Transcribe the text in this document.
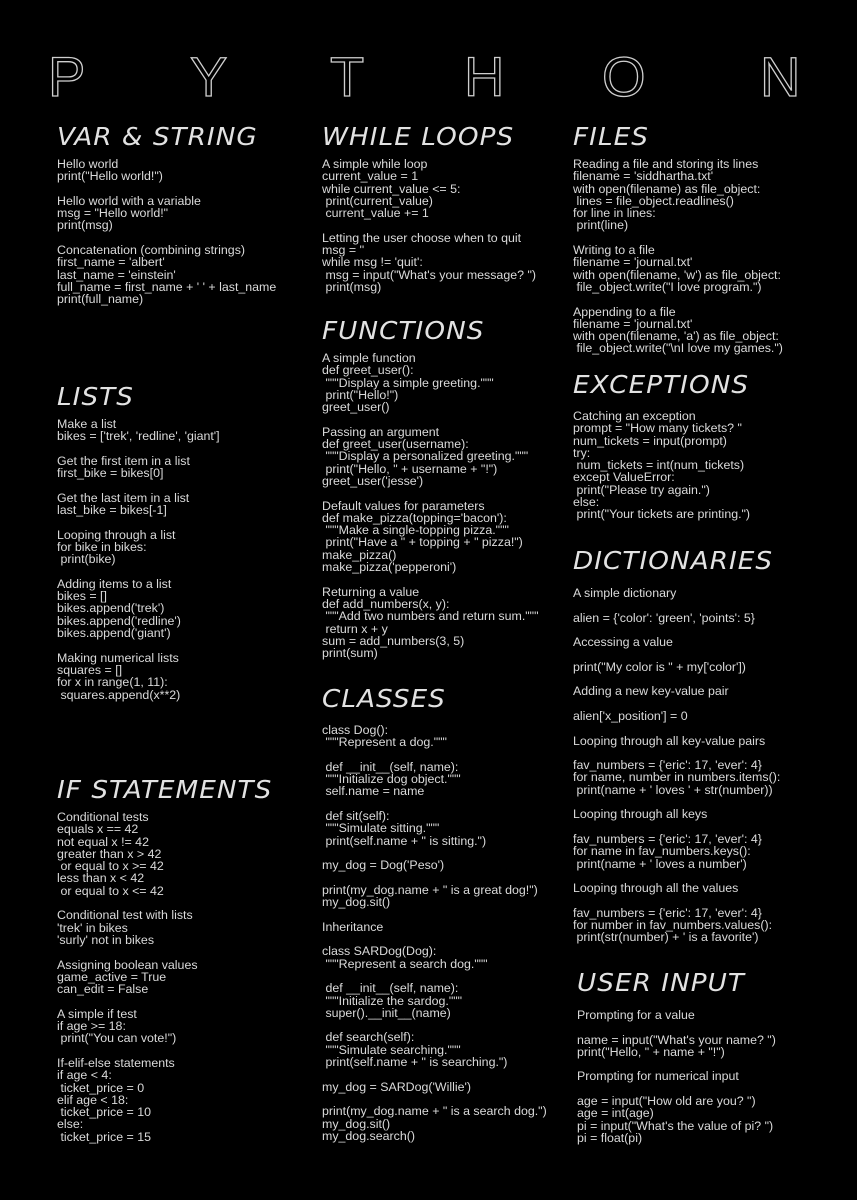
P Y T H O N
VAR & STRING
Hello world
print("Hello world!")
Hello world with a variable
msg = "Hello world!"
print(msg)
Concatenation (combining strings)
first_name = 'albert'
last_name = 'einstein'
full_name = first_name + ' ' + last_name
print(full_name)
LISTS
Make a list
bikes = ['trek', 'redline', 'giant']
Get the first item in a list
first_bike = bikes[0]
Get the last item in a list
last_bike = bikes[-1]
Looping through a list
for bike in bikes:
print(bike)
Adding items to a list
bikes = []
bikes.append('trek')
bikes.append('redline')
bikes.append('giant')
Making numerical lists
squares = []
for x in range(1, 11):
squares.append(x**2)
IF STATEMENTS
Conditional tests
equals x == 42
not equal x != 42
greater than x > 42
or equal to x >= 42
less than x < 42
or equal to x <= 42
Conditional test with lists
'trek' in bikes
'surly' not in bikes
Assigning boolean values
game_active = True
can_edit = False
A simple if test
if age >= 18:
print("You can vote!")
If-elif-else statements
if age < 4:
ticket_price = 0
elif age < 18:
ticket_price = 10
else:
ticket_price = 15
WHILE LOOPS
A simple while loop
current_value = 1
while current_value <= 5:
print(current_value)
current_value += 1
Letting the user choose when to quit
msg = ''
while msg != 'quit':
msg = input("What's your message? ")
print(msg)
FUNCTIONS
A simple function
def greet_user():
"""Display a simple greeting."""
print("Hello!")
greet_user()
Passing an argument
def greet_user(username):
"""Display a personalized greeting."""
print("Hello, " + username + "!")
greet_user('jesse')
Default values for parameters
def make_pizza(topping='bacon'):
"""Make a single-topping pizza."""
print("Have a " + topping + " pizza!")
make_pizza()
make_pizza('pepperoni')
Returning a value
def add_numbers(x, y):
"""Add two numbers and return sum."""
return x + y
sum = add_numbers(3, 5)
print(sum)
CLASSES
class Dog():
"""Represent a dog."""
def __init__(self, name):
"""Initialize dog object."""
self.name = name
def sit(self):
"""Simulate sitting."""
print(self.name + " is sitting.")
my_dog = Dog('Peso')
print(my_dog.name + " is a great dog!")
my_dog.sit()
Inheritance
class SARDog(Dog):
"""Represent a search dog."""
def __init__(self, name):
"""Initialize the sardog."""
super().__init__(name)
def search(self):
"""Simulate searching."""
print(self.name + " is searching.")
my_dog = SARDog('Willie')
print(my_dog.name + " is a search dog.")
my_dog.sit()
my_dog.search()
FILES
Reading a file and storing its lines
filename = 'siddhartha.txt'
with open(filename) as file_object:
lines = file_object.readlines()
for line in lines:
print(line)
Writing to a file
filename = 'journal.txt'
with open(filename, 'w') as file_object:
file_object.write("I love program.")
Appending to a file
filename = 'journal.txt'
with open(filename, 'a') as file_object:
file_object.write("\nI love my games.")
EXCEPTIONS
Catching an exception
prompt = "How many tickets? "
num_tickets = input(prompt)
try:
num_tickets = int(num_tickets)
except ValueError:
print("Please try again.")
else:
print("Your tickets are printing.")
DICTIONARIES
A simple dictionary
alien = {'color': 'green', 'points': 5}
Accessing a value
print("My color is " + my['color'])
Adding a new key-value pair
alien['x_position'] = 0
Looping through all key-value pairs
fav_numbers = {'eric': 17, 'ever': 4}
for name, number in numbers.items():
print(name + ' loves ' + str(number))
Looping through all keys
fav_numbers = {'eric': 17, 'ever': 4}
for name in fav_numbers.keys():
print(name + ' loves a number')
Looping through all the values
fav_numbers = {'eric': 17, 'ever': 4}
for number in fav_numbers.values():
print(str(number) + ' is a favorite')
USER INPUT
Prompting for a value
name = input("What's your name? ")
print("Hello, " + name + "!")
Prompting for numerical input
age = input("How old are you? ")
age = int(age)
pi = input("What's the value of pi? ")
pi = float(pi)
